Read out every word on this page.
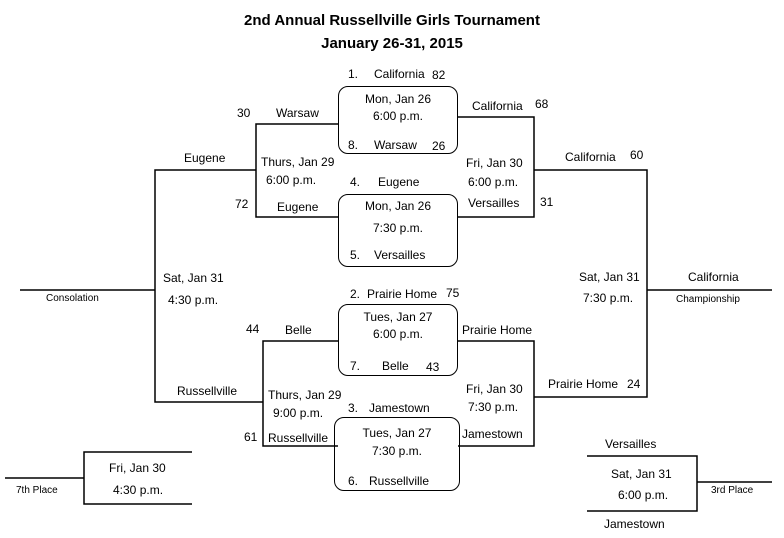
2nd Annual Russellville Girls Tournament
January 26-31, 2015
1. California 82
Mon, Jan 26
6:00 p.m.
8. Warsaw 26
4. Eugene
Mon, Jan 26
7:30 p.m.
5. Versailles
2. Prairie Home 75
Tues, Jan 27
6:00 p.m.
7. Belle 43
3. Jamestown
Tues, Jan 27
7:30 p.m.
6. Russellville
30 Warsaw
Thurs, Jan 29
6:00 p.m.
72 Eugene
44 Belle
Thurs, Jan 29
9:00 p.m.
61 Russellville
California 68
Fri, Jan 30
6:00 p.m.
Versailles 31
Prairie Home
Fri, Jan 30
7:30 p.m.
Jamestown
Eugene
Sat, Jan 31
4:30 p.m.
Consolation
Russellville
California 60
Sat, Jan 31
7:30 p.m.
California
Championship
Prairie Home 24
Fri, Jan 30
4:30 p.m.
7th Place
Versailles
Sat, Jan 31
6:00 p.m.	3rd Place
Jamestown
